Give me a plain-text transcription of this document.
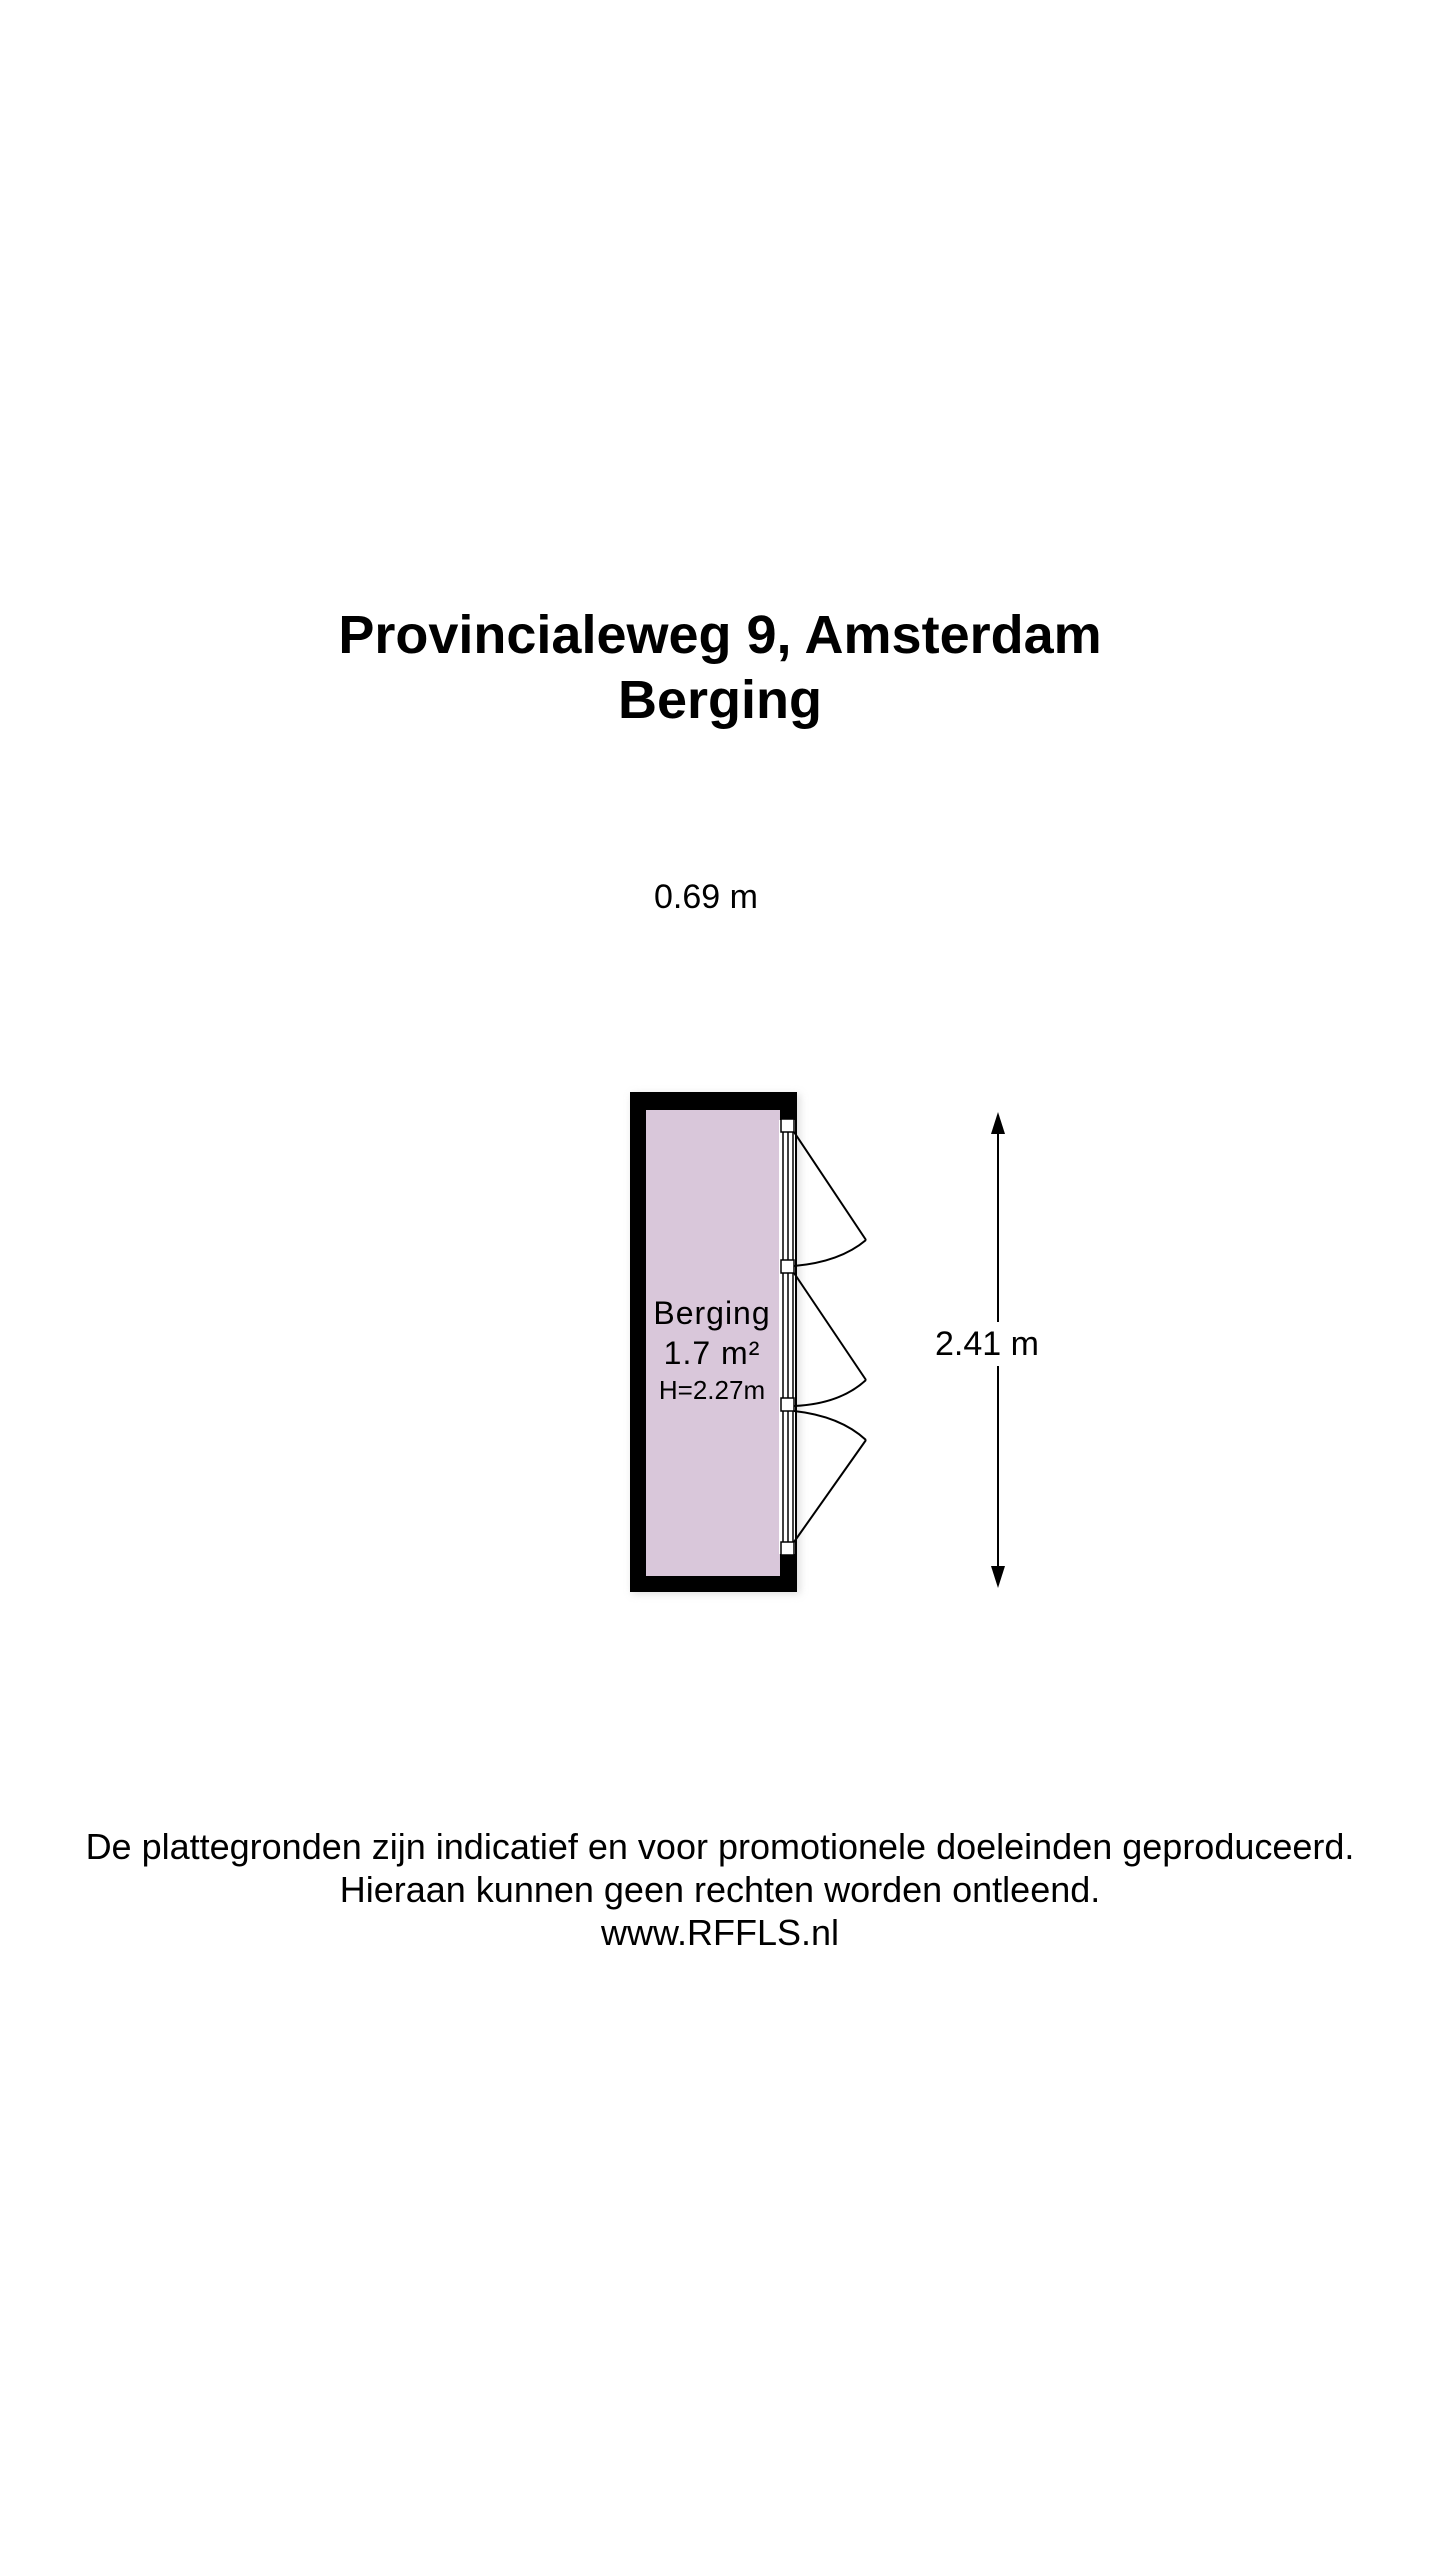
Provincialeweg 9, Amsterdam
Berging
0.69 m
2.41 m
Berging
1.7 m²
H=2.27m
De plattegronden zijn indicatief en voor promotionele doeleinden geproduceerd.
Hieraan kunnen geen rechten worden ontleend.
www.RFFLS.nl
